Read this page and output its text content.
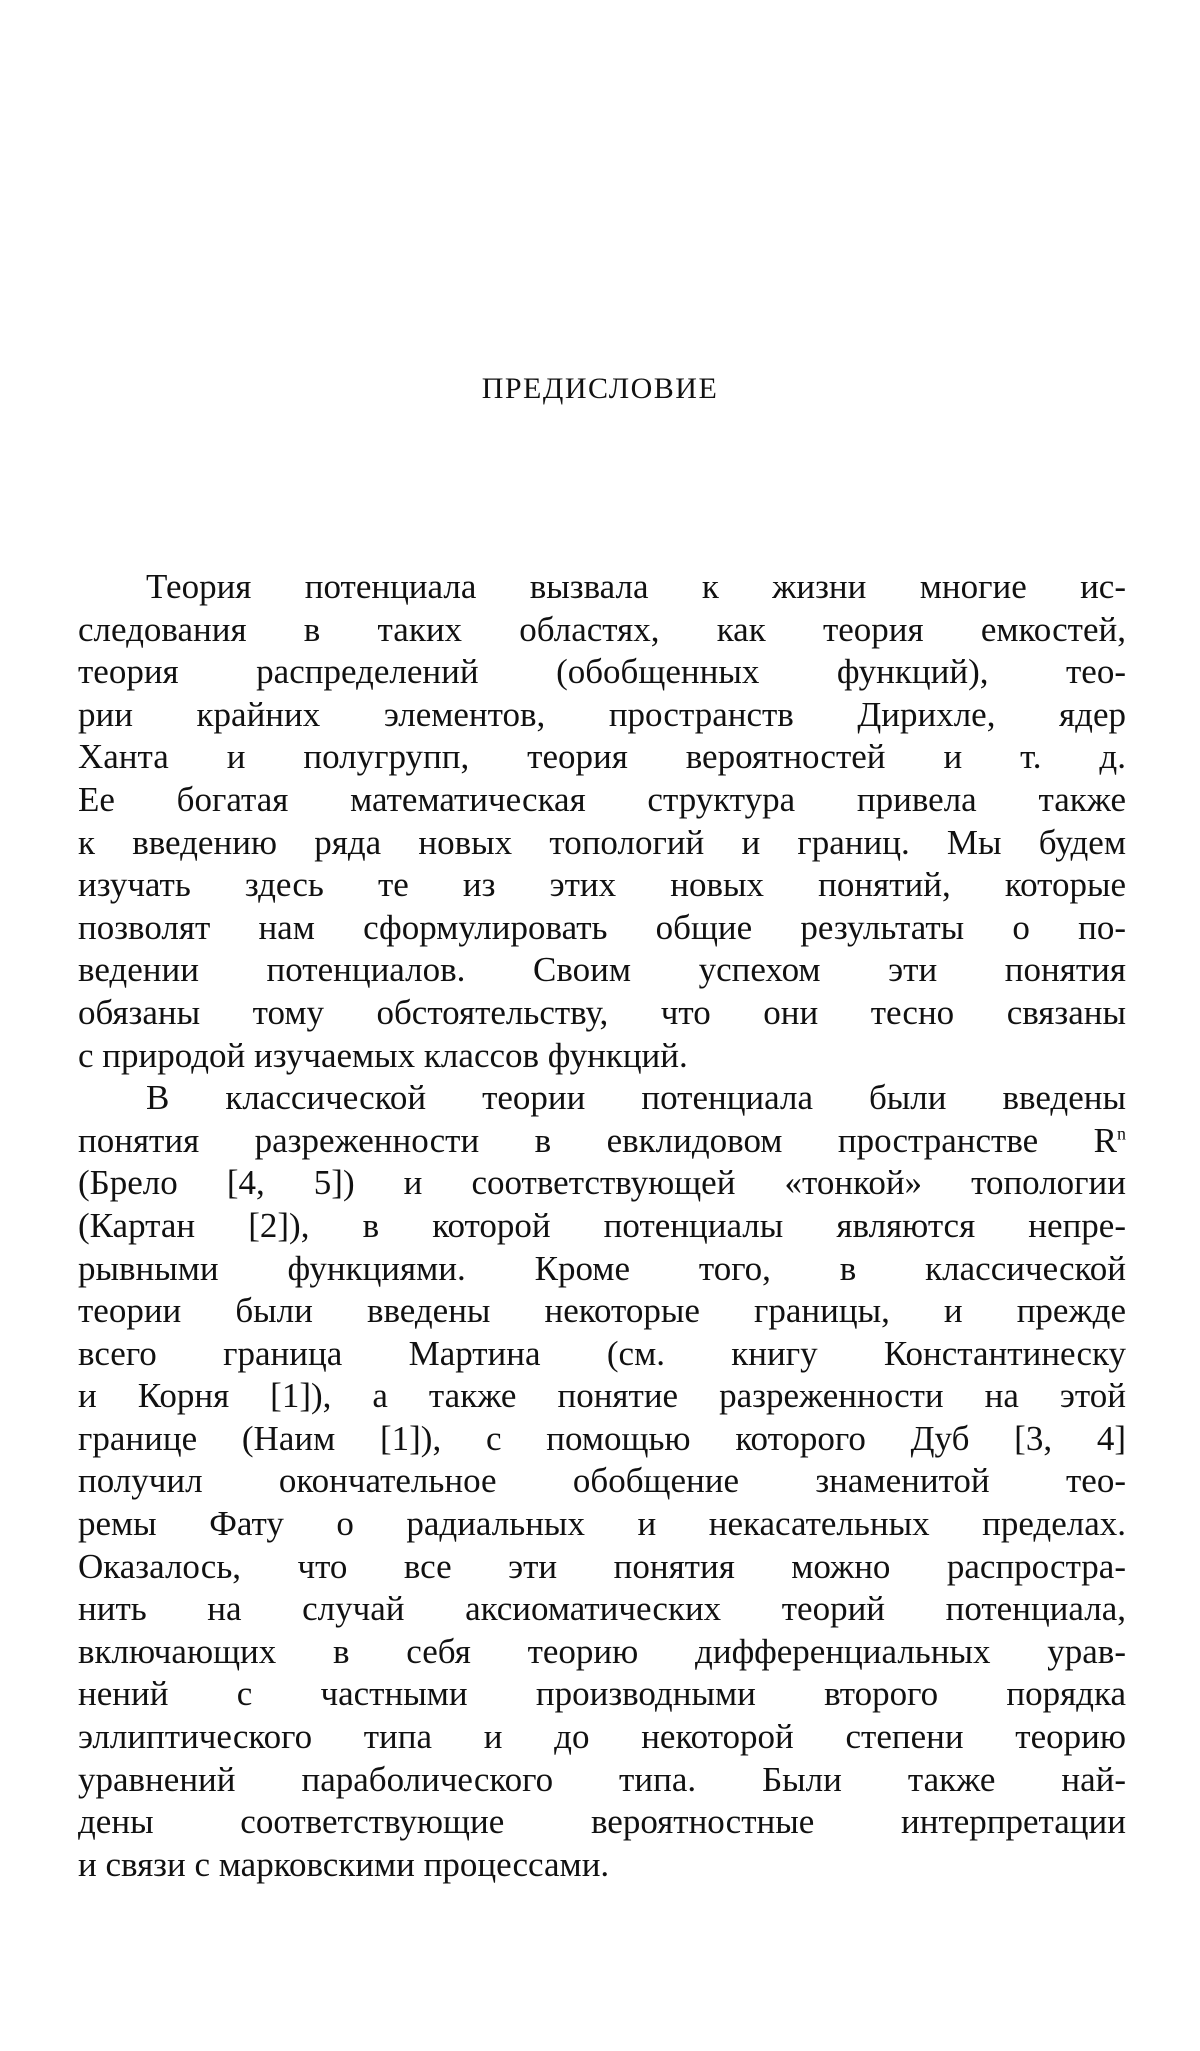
ПРЕДИСЛОВИЕ
Теория потенциала вызвала к жизни многие ис-
следования в таких областях, как теория емкостей,
теория распределений (обобщенных функций), тео-
рии крайних элементов, пространств Дирихле, ядер
Ханта и полугрупп, теория вероятностей и т. д.
Ее богатая математическая структура привела также
к введению ряда новых топологий и границ. Мы будем
изучать здесь те из этих новых понятий, которые
позволят нам сформулировать общие результаты о по-
ведении потенциалов. Своим успехом эти понятия
обязаны тому обстоятельству, что они тесно связаны
с природой изучаемых классов функций.
В классической теории потенциала были введены
понятия разреженности в евклидовом пространстве $R^n$
(Брело [4, 5]) и соответствующей «тонкой» топологии
(Картан [2]), в которой потенциалы являются непре-
рывными функциями. Кроме того, в классической
теории были введены некоторые границы, и прежде
всего граница Мартина (см. книгу Константинеску
и Корня [1]), а также понятие разреженности на этой
границе (Наим [1]), с помощью которого Дуб [3, 4]
получил окончательное обобщение знаменитой тео-
ремы Фату о радиальных и некасательных пределах.
Оказалось, что все эти понятия можно распростра-
нить на случай аксиоматических теорий потенциала,
включающих в себя теорию дифференциальных урав-
нений с частными производными второго порядка
эллиптического типа и до некоторой степени теорию
уравнений параболического типа. Были также най-
дены соответствующие вероятностные интерпретации
и связи с марковскими процессами.
